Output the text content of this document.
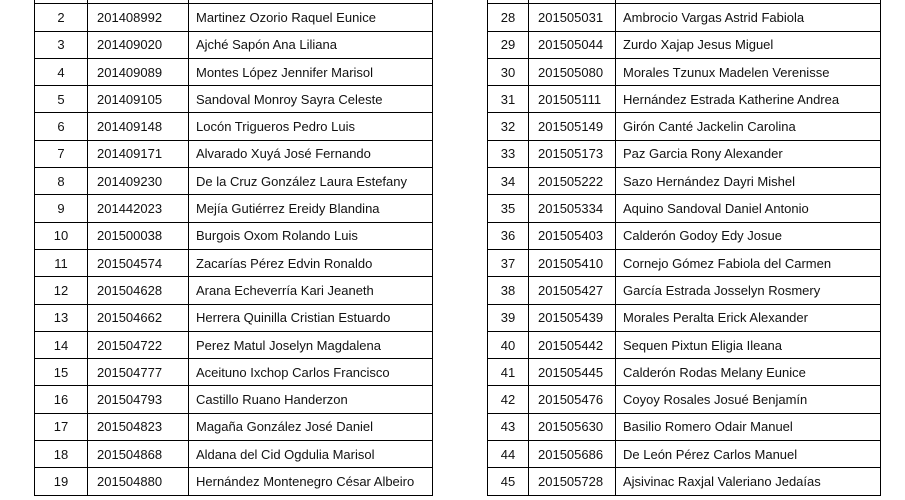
2	201408992	Martinez Ozorio Raquel Eunice
3	201409020	Ajché Sapón Ana Liliana
4	201409089	Montes López Jennifer Marisol
5	201409105	Sandoval Monroy Sayra Celeste
6	201409148	Locón Trigueros Pedro Luis
7	201409171	Alvarado Xuyá José Fernando
8	201409230	De la Cruz González Laura Estefany
9	201442023	Mejía Gutiérrez Ereidy Blandina
10	201500038	Burgois Oxom Rolando Luis
11	201504574	Zacarías Pérez Edvin Ronaldo
12	201504628	Arana Echeverría Kari Jeaneth
13	201504662	Herrera Quinilla Cristian Estuardo
14	201504722	Perez Matul Joselyn Magdalena
15	201504777	Aceituno Ixchop Carlos Francisco
16	201504793	Castillo Ruano Handerzon
17	201504823	Magaña González José Daniel
18	201504868	Aldana del Cid Ogdulia Marisol
19	201504880	Hernández Montenegro César Albeiro

28	201505031	Ambrocio Vargas Astrid Fabiola
29	201505044	Zurdo Xajap Jesus Miguel
30	201505080	Morales Tzunux Madelen Verenisse
31	201505111	Hernández Estrada Katherine Andrea
32	201505149	Girón Canté Jackelin Carolina
33	201505173	Paz Garcia Rony Alexander
34	201505222	Sazo Hernández Dayri Mishel
35	201505334	Aquino Sandoval Daniel Antonio
36	201505403	Calderón Godoy Edy Josue
37	201505410	Cornejo Gómez Fabiola del Carmen
38	201505427	García Estrada Josselyn Rosmery
39	201505439	Morales Peralta Erick Alexander
40	201505442	Sequen Pixtun Eligia Ileana
41	201505445	Calderón Rodas Melany Eunice
42	201505476	Coyoy Rosales Josué Benjamín
43	201505630	Basilio Romero Odair Manuel
44	201505686	De León Pérez Carlos Manuel
45	201505728	Ajsivinac Raxjal Valeriano Jedaías
